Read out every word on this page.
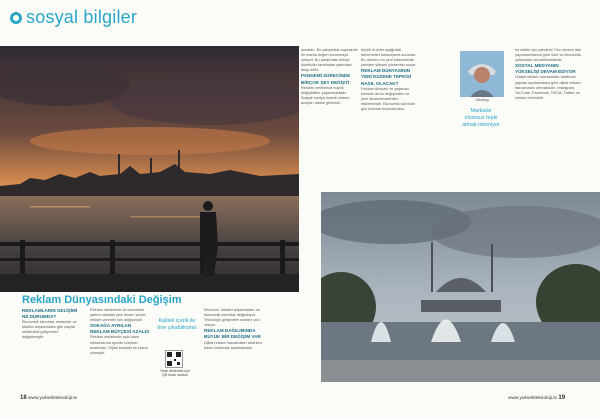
sosyal bilgiler
lamaları. Bu çalışmalar sayesinde bir marka değeri korunmaya çalışılır. Bu çalışmalar bilinçli tüketiciler tarafından yakından takip edilir.
PANDEMİ SÜRECİNDE BİRÇOK ŞEY DEĞİŞTİ
Reklam verilerinde büyük değişiklikler yaşanmaktadır. Sosyal medya önemli reklam araçları hâline gelmiştir.
büyük ürünler aşağıdaki denemeleri kamuoyuna sunarlar. Bu durumu bu yeni ödemelerde yeniden yüksek yöntemler sunar.
REKLAM DÜNYASININ YENİ DÜZENE TEPKİSİ NASIL OLACAK?
Reklam dünyası ve yaşanan konular da bu değişimden ve yeni düzenlemelerden etkilenmiştir. Ekonomik sıkıntılar göz önünde bulunduruldu.
Okudug
Markalar
olumsuz tepki
almak istemiyor
ler etkiler için pandemi Tüm sürece dair yayınlanmasına göre özel ve ekonomik çalışmalar sürdürülmektedir.
SOSYAL MEDYANIN YÜKSELİŞİ DEVAM EDİYOR
Global reklam harcamaları tarafında yapılan açıklamalara göre dijital reklam harcamaları artmaktadır. Instagram, YouTube, Facebook, TikTok, Twitter ve reklam önemlidir.
Reklam Dünyasındaki Değişim
REKLAMLARIN GELİŞİMİ NE DURUMDA?
Ekonomik sıkıntılar, reklamlar ve tüketici alışkanlıkları gibi olaylar sektördeki gelişmeleri değiştirmiştir.
Reklam verilerinde ve ekonomik yatırım alanları yeni düzen içinde reklam verenler için değişmiştir.
SOKAĞA AYRILAN REKLAM BÜTÇESİ AZALDI
Reklam verilerinde açık hava reklamlarına ayrılan bütçeler azalmıştır. Dijital kanallar ön plana çıkmıştır.
Kaliteli içerik ile
öne çıkabilirsiniz
Sesli dinlemek için QR kodu okutun
Ekonomi, tüketici alışkanlıkları ve ekonomik sıkıntılar değiştiriyor. Teknolojik gelişmeler sektöre yön veriyor.
REKLAM DAĞILIMINDA BÜYÜK BİR DEĞİŞİM VAR
Dijital reklam harcamaları artarken basılı reklamlar azalmaktadır.
18 www.yuksekteknoloji.tv	www.yuksekteknoloji.tv 19
